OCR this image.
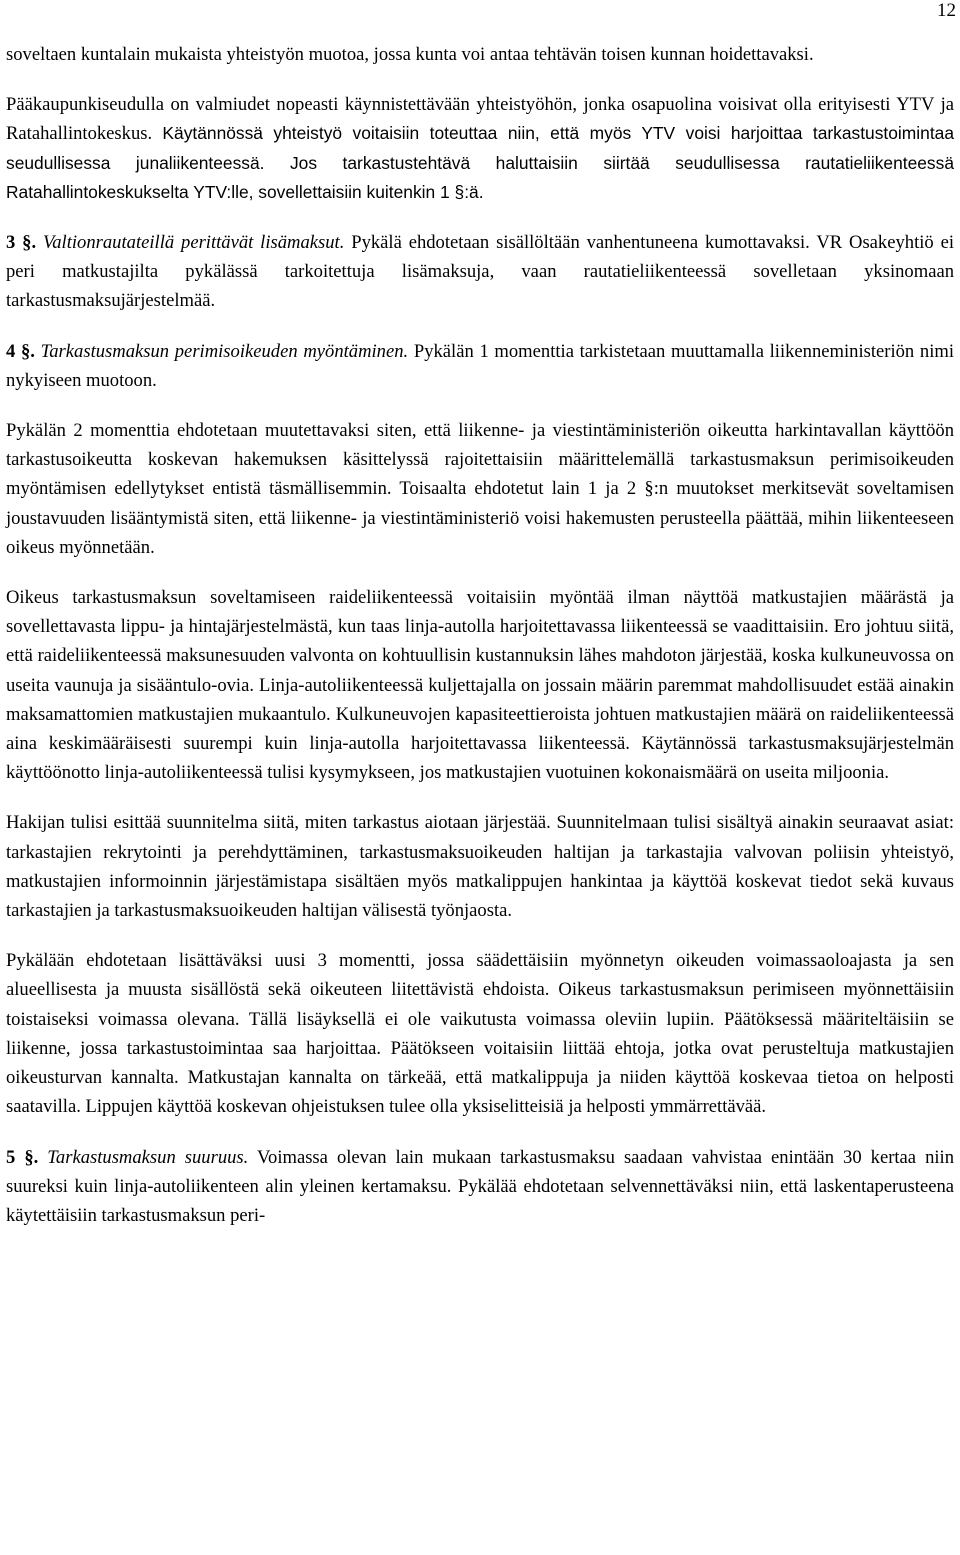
12

soveltaen kuntalain mukaista yhteistyön muotoa, jossa kunta voi antaa tehtävän toisen kunnan hoidettavaksi.

Pääkaupunkiseudulla on valmiudet nopeasti käynnistettävään yhteistyöhön, jonka osapuolina voisivat olla erityisesti YTV ja Ratahallintokeskus. Käytännössä yhteistyö voitaisiin toteuttaa niin, että myös YTV voisi harjoittaa tarkastustoimintaa seudullisessa junaliikenteessä. Jos tarkastustehtävä haluttaisiin siirtää seudullisessa rautatieliikenteessä Ratahallintokeskukselta YTV:lle, sovellettaisiin kuitenkin 1 §:ä.

3 §. Valtionrautateillä perittävät lisämaksut. Pykälä ehdotetaan sisällöltään vanhentuneena kumottavaksi. VR Osakeyhtiö ei peri matkustajilta pykälässä tarkoitettuja lisämaksuja, vaan rautatieliikenteessä sovelletaan yksinomaan tarkastusmaksujärjestelmää.

4 §. Tarkastusmaksun perimisoikeuden myöntäminen. Pykälän 1 momenttia tarkistetaan muuttamalla liikenneministeriön nimi nykyiseen muotoon.

Pykälän 2 momenttia ehdotetaan muutettavaksi siten, että liikenne- ja viestintäministeriön oikeutta harkintavallan käyttöön tarkastusoikeutta koskevan hakemuksen käsittelyssä rajoitettaisiin määrittelemällä tarkastusmaksun perimisoikeuden myöntämisen edellytykset entistä täsmällisemmin. Toisaalta ehdotetut lain 1 ja 2 §:n muutokset merkitsevät soveltamisen joustavuuden lisääntymistä siten, että liikenne- ja viestintäministeriö voisi hakemusten perusteella päättää, mihin liikenteeseen oikeus myönnetään.

Oikeus tarkastusmaksun soveltamiseen raideliikenteessä voitaisiin myöntää ilman näyttöä matkustajien määrästä ja sovellettavasta lippu- ja hintajärjestelmästä, kun taas linja-autolla harjoitettavassa liikenteessä se vaadittaisiin. Ero johtuu siitä, että raideliikenteessä maksunesuuden valvonta on kohtuullisin kustannuksin lähes mahdoton järjestää, koska kulkuneuvossa on useita vaunuja ja sisääntulo-ovia. Linja-autoliikenteessä kuljettajalla on jossain määrin paremmat mahdollisuudet estää ainakin maksamattomien matkustajien mukaantulo. Kulkuneuvojen kapasiteettieroista johtuen matkustajien määrä on raideliikenteessä aina keskimääräisesti suurempi kuin linja-autolla harjoitettavassa liikenteessä. Käytännössä tarkastusmaksujärjestelmän käyttöönotto linja-autoliikenteessä tulisi kysymykseen, jos matkustajien vuotuinen kokonaismäärä on useita miljoonia.

Hakijan tulisi esittää suunnitelma siitä, miten tarkastus aiotaan järjestää. Suunnitelmaan tulisi sisältyä ainakin seuraavat asiat: tarkastajien rekrytointi ja perehdyttäminen, tarkastusmaksuoikeuden haltijan ja tarkastajia valvovan poliisin yhteistyö, matkustajien informoinnin järjestämistapa sisältäen myös matkalippujen hankintaa ja käyttöä koskevat tiedot sekä kuvaus tarkastajien ja tarkastusmaksuoikeuden haltijan välisestä työnjaosta.

Pykälään ehdotetaan lisättäväksi uusi 3 momentti, jossa säädettäisiin myönnetyn oikeuden voimassaoloajasta ja sen alueellisesta ja muusta sisällöstä sekä oikeuteen liitettävistä ehdoista. Oikeus tarkastusmaksun perimiseen myönnettäisiin toistaiseksi voimassa olevana. Tällä lisäyksellä ei ole vaikutusta voimassa oleviin lupiin. Päätöksessä määriteltäisiin se liikenne, jossa tarkastustoimintaa saa harjoittaa. Päätökseen voitaisiin liittää ehtoja, jotka ovat perusteltuja matkustajien oikeusturvan kannalta. Matkustajan kannalta on tärkeää, että matkalippuja ja niiden käyttöä koskevaa tietoa on helposti saatavilla. Lippujen käyttöä koskevan ohjeistuksen tulee olla yksiselitteisiä ja helposti ymmärrettävää.

5 §. Tarkastusmaksun suuruus. Voimassa olevan lain mukaan tarkastusmaksu saadaan vahvistaa enintään 30 kertaa niin suureksi kuin linja-autoliikenteen alin yleinen kertamaksu. Pykälää ehdotetaan selvennettäväksi niin, että laskentaperusteena käytettäisiin tarkastusmaksun peri-
